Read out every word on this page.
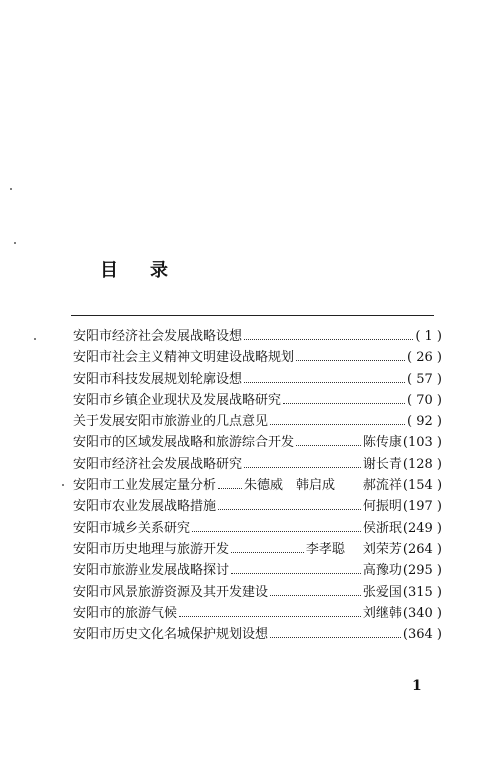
目录
安阳市经济社会发展战略设想	( 1 )
安阳市社会主义精神文明建设战略规划	( 26 )
安阳市科技发展规划轮廓设想	( 57 )
安阳市乡镇企业现状及发展战略研究	( 70 )
关于发展安阳市旅游业的几点意见	( 92 )
安阳市的区域发展战略和旅游综合开发	陈传康 (103 )
安阳市经济社会发展战略研究	谢长青 (128 )
安阳市工业发展定量分析 朱德威　韩启成 郝流祥 (154 )
安阳市农业发展战略措施	何振明 (197 )
安阳市城乡关系研究	侯浙珉 (249 )
安阳市历史地理与旅游开发	李孝聪 刘荣芳 (264 )
安阳市旅游业发展战略探讨	高豫功 (295 )
安阳市风景旅游资源及其开发建设	张爱国 (315 )
安阳市的旅游气候	刘继韩 (340 )
安阳市历史文化名城保护规划设想	(364 )
1
